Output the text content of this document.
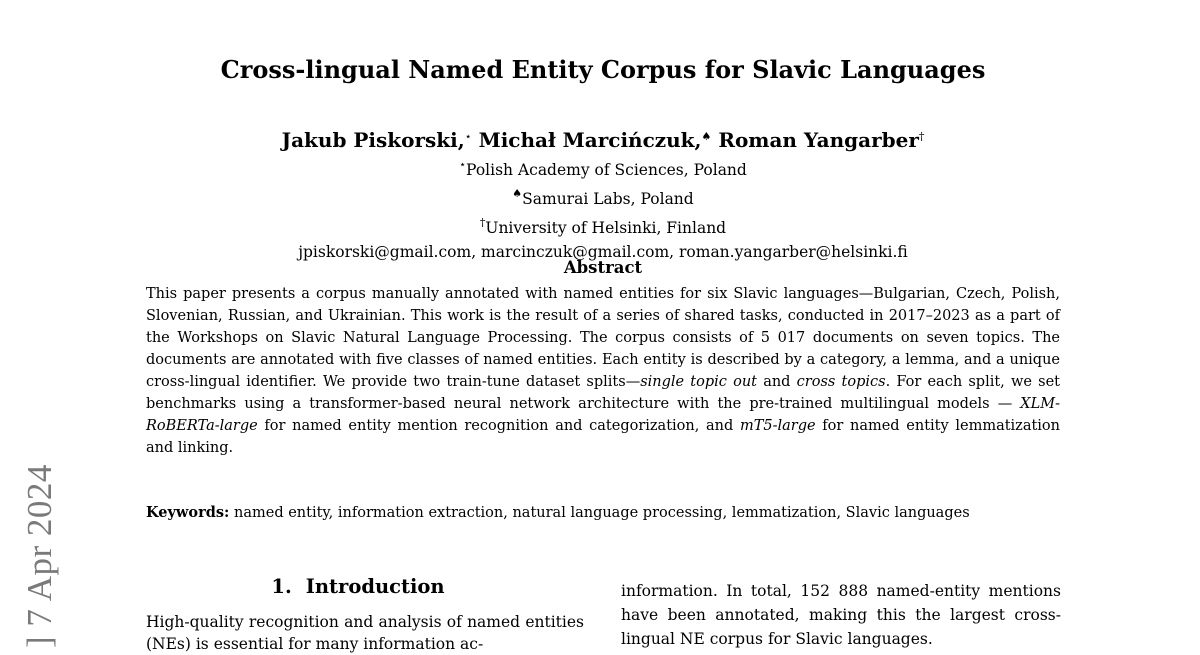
] 7 Apr 2024
Cross-lingual Named Entity Corpus for Slavic Languages
Jakub Piskorski,⋆ Michał Marcińczuk,♠ Roman Yangarber†
⋆Polish Academy of Sciences, Poland
♠Samurai Labs, Poland
†University of Helsinki, Finland
jpiskorski@gmail.com, marcinczuk@gmail.com, roman.yangarber@helsinki.fi
Abstract
This paper presents a corpus manually annotated with named entities for six Slavic languages—Bulgarian, Czech, Polish, Slovenian, Russian, and Ukrainian. This work is the result of a series of shared tasks, conducted in 2017–2023 as a part of the Workshops on Slavic Natural Language Processing. The corpus consists of 5 017 documents on seven topics. The documents are annotated with five classes of named entities. Each entity is described by a category, a lemma, and a unique cross-lingual identifier. We provide two train-tune dataset splits—single topic out and cross topics. For each split, we set benchmarks using a transformer-based neural network architecture with the pre-trained multilingual models — XLM-RoBERTa-large for named entity mention recognition and categorization, and mT5-large for named entity lemmatization and linking.
Keywords: named entity, information extraction, natural language processing, lemmatization, Slavic languages
1. Introduction
High-quality recognition and analysis of named entities (NEs) is essential for many information ac-
information. In total, 152 888 named-entity mentions have been annotated, making this the largest cross-lingual NE corpus for Slavic languages.
